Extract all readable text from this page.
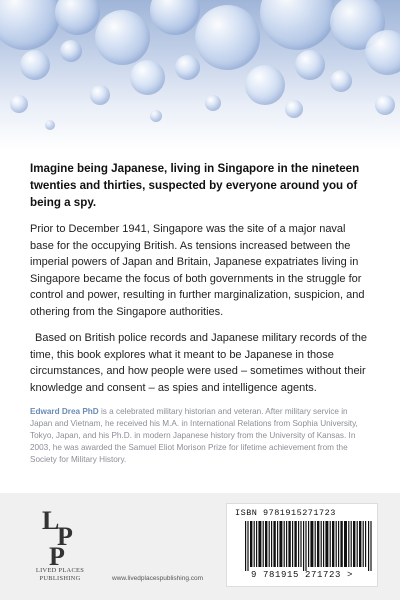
Imagine being Japanese, living in Singapore in the nineteen twenties and thirties, suspected by everyone around you of being a spy.

Prior to December 1941, Singapore was the site of a major naval base for the occupying British. As tensions increased between the imperial powers of Japan and Britain, Japanese expatriates living in Singapore became the focus of both governments in the struggle for control and power, resulting in further marginalization, suspicion, and othering from the Singapore authorities.

Based on British police records and Japanese military records of the time, this book explores what it meant to be Japanese in those circumstances, and how people were used – sometimes without their knowledge and consent – as spies and intelligence agents.

Edward Drea PhD is a celebrated military historian and veteran. After military service in Japan and Vietnam, he received his M.A. in International Relations from Sophia University, Tokyo, Japan, and his Ph.D. in modern Japanese history from the University of Kansas. In 2003, he was awarded the Samuel Eliot Morison Prize for lifetime achievement from the Society for Military History.

L
P
P
LIVED PLACES
PUBLISHING	www.livedplacespublishing.com
ISBN 9781915271723
9 781915 271723 >
